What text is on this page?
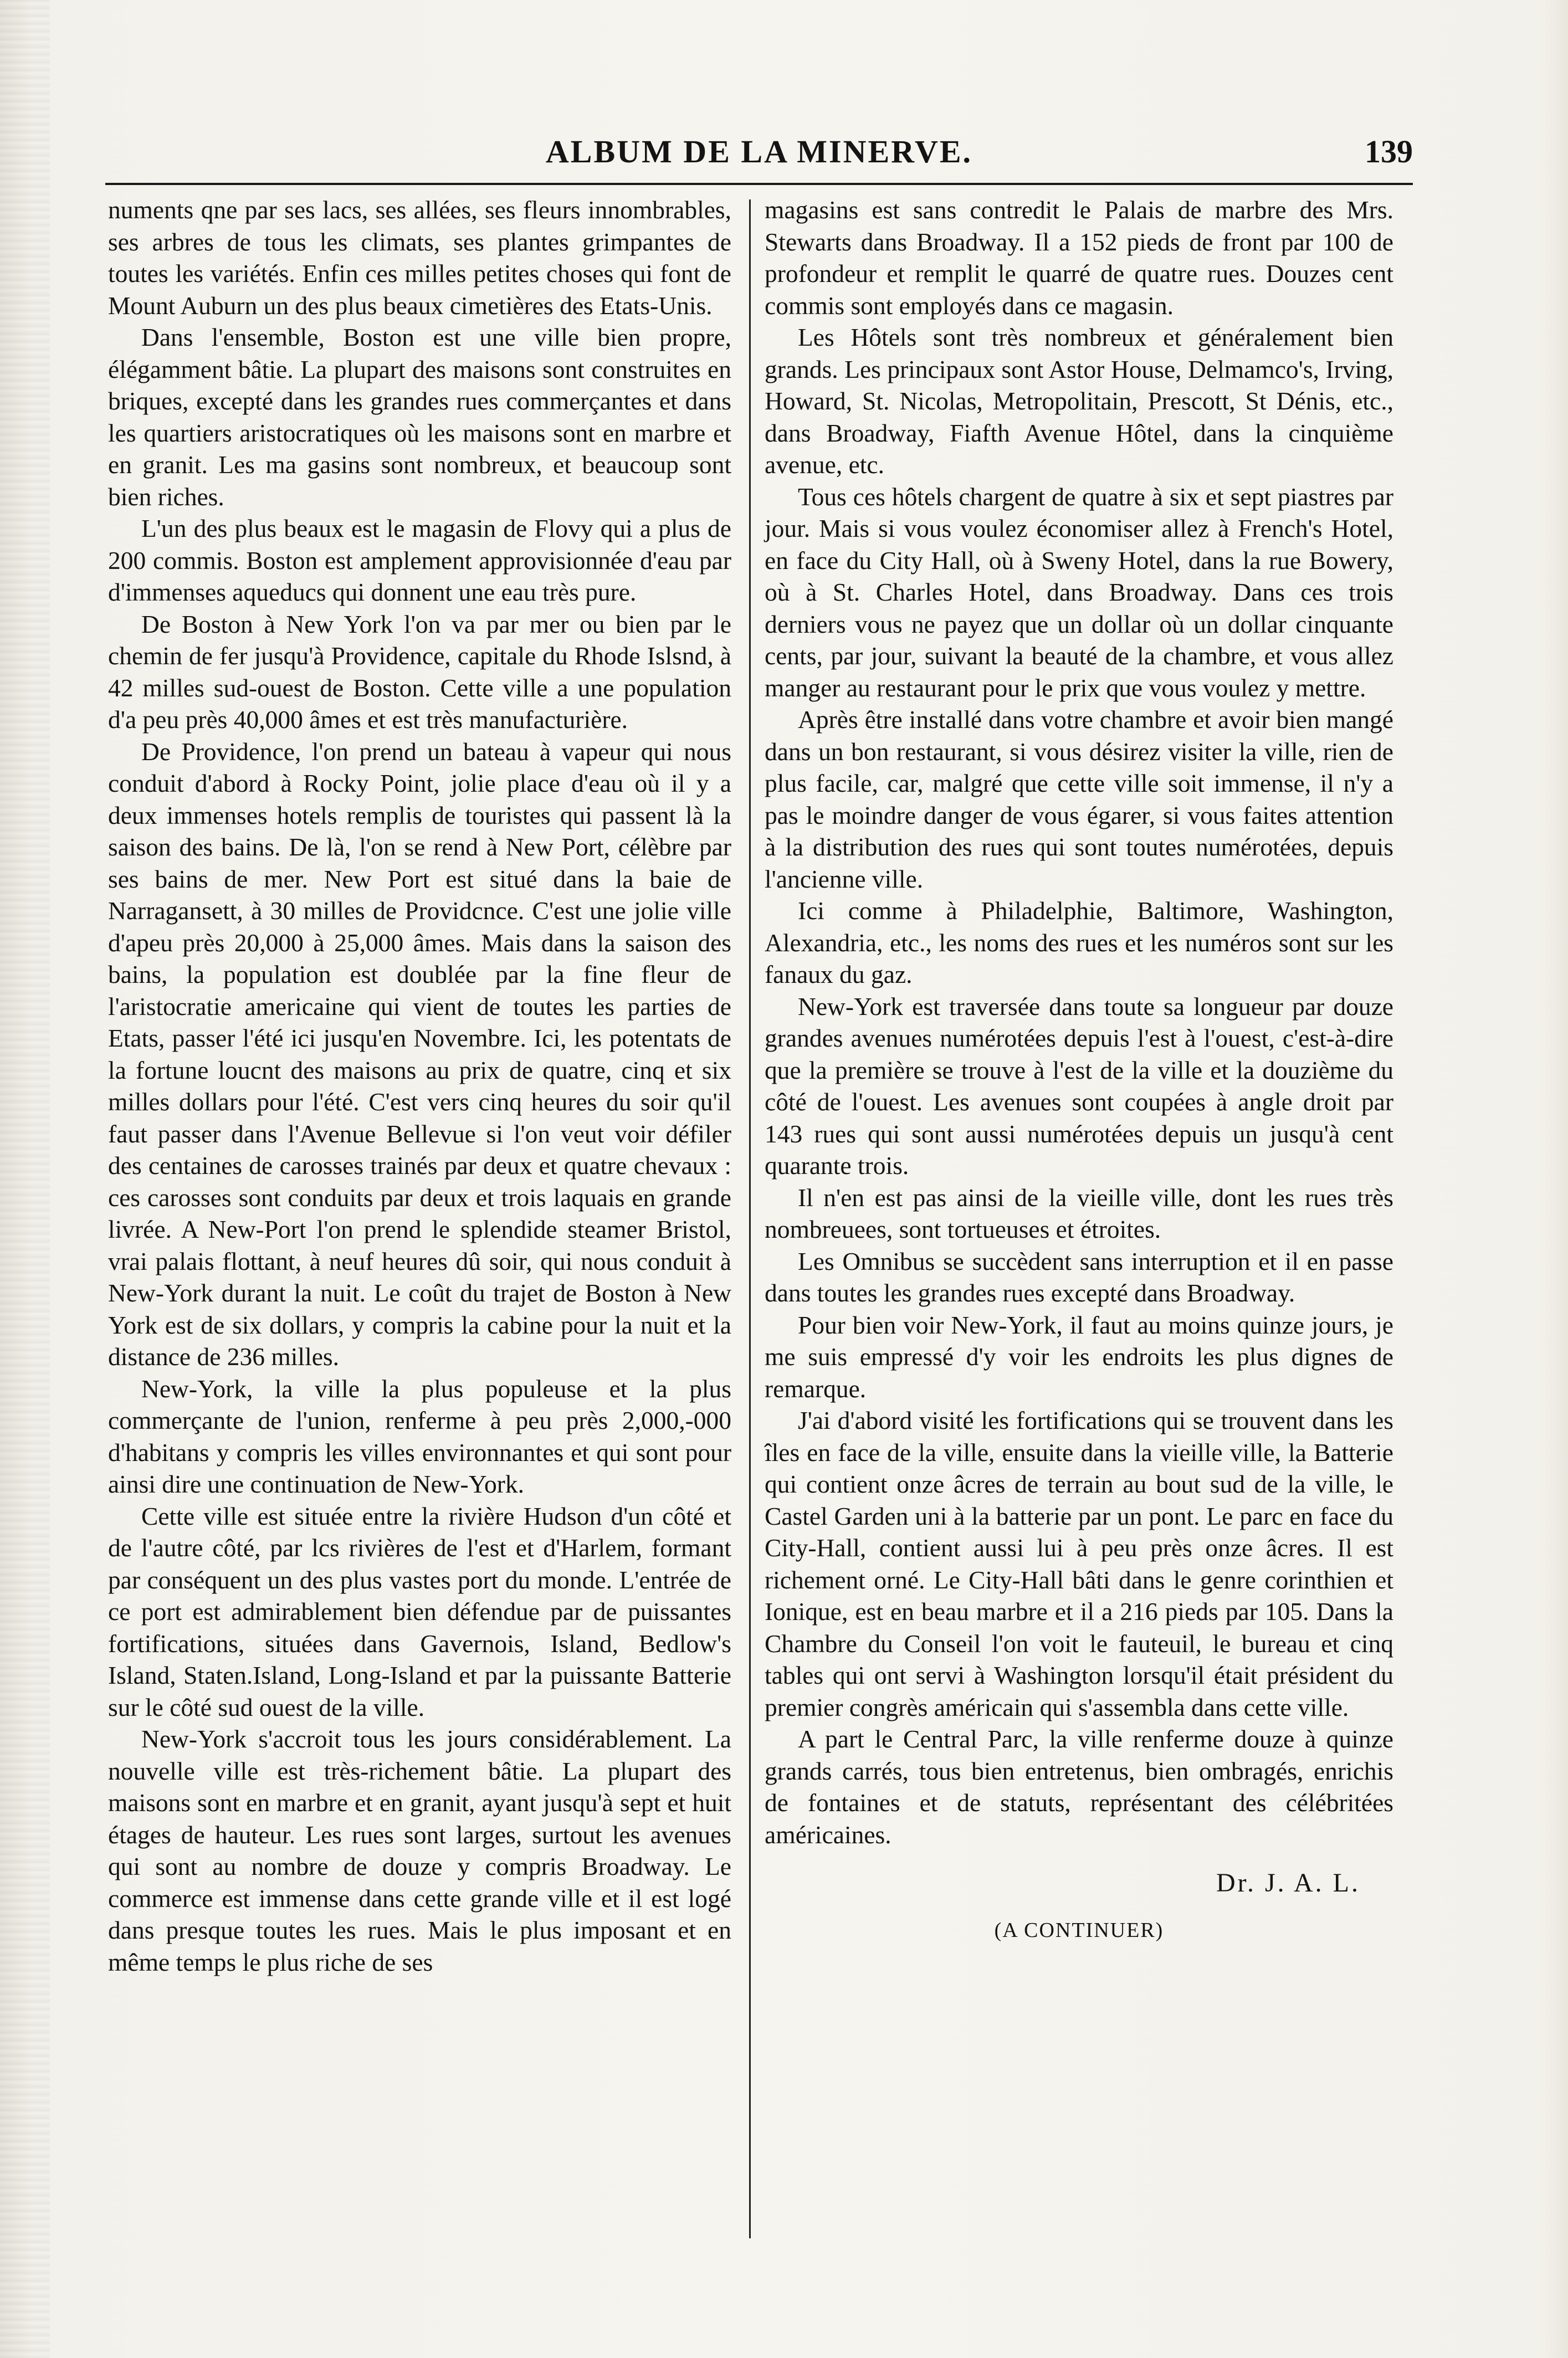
ALBUM DE LA MINERVE.	139

numents qne par ses lacs, ses allées, ses fleurs innombrables, ses arbres de tous les climats, ses plantes grimpantes de toutes les variétés. Enfin ces milles petites choses qui font de Mount Auburn un des plus beaux cimetières des Etats-Unis.

Dans l'ensemble, Boston est une ville bien propre, élégamment bâtie. La plupart des maisons sont construites en briques, excepté dans les grandes rues commerçantes et dans les quartiers aristocratiques où les maisons sont en marbre et en granit. Les ma gasins sont nombreux, et beaucoup sont bien riches.

L'un des plus beaux est le magasin de Flovy qui a plus de 200 commis. Boston est amplement approvisionnée d'eau par d'immenses aqueducs qui donnent une eau très pure.

De Boston à New York l'on va par mer ou bien par le chemin de fer jusqu'à Providence, capitale du Rhode Islsnd, à 42 milles sud-ouest de Boston. Cette ville a une population d'a peu près 40,000 âmes et est très manufacturière.

De Providence, l'on prend un bateau à vapeur qui nous conduit d'abord à Rocky Point, jolie place d'eau où il y a deux immenses hotels remplis de touristes qui passent là la saison des bains. De là, l'on se rend à New Port, célèbre par ses bains de mer. New Port est situé dans la baie de Narragansett, à 30 milles de Providcnce. C'est une jolie ville d'apeu près 20,000 à 25,000 âmes. Mais dans la saison des bains, la population est doublée par la fine fleur de l'aristocratie americaine qui vient de toutes les parties de Etats, passer l'été ici jusqu'en Novembre. Ici, les potentats de la fortune loucnt des maisons au prix de quatre, cinq et six milles dollars pour l'été. C'est vers cinq heures du soir qu'il faut passer dans l'Avenue Bellevue si l'on veut voir défiler des centaines de carosses trainés par deux et quatre chevaux : ces carosses sont conduits par deux et trois laquais en grande livrée. A New-Port l'on prend le splendide steamer Bristol, vrai palais flottant, à neuf heures dû soir, qui nous conduit à New-York durant la nuit. Le coût du trajet de Boston à New York est de six dollars, y compris la cabine pour la nuit et la distance de 236 milles.

New-York, la ville la plus populeuse et la plus commerçante de l'union, renferme à peu près 2,000,-000 d'habitans y compris les villes environnantes et qui sont pour ainsi dire une continuation de New-York.

Cette ville est située entre la rivière Hudson d'un côté et de l'autre côté, par lcs rivières de l'est et d'Harlem, formant par conséquent un des plus vastes port du monde. L'entrée de ce port est admirablement bien défendue par de puissantes fortifications, situées dans Gavernois, Island, Bedlow's Island, Staten.Island, Long-Island et par la puissante Batterie sur le côté sud ouest de la ville.

New-York s'accroit tous les jours considérablement. La nouvelle ville est très-richement bâtie. La plupart des maisons sont en marbre et en granit, ayant jusqu'à sept et huit étages de hauteur. Les rues sont larges, surtout les avenues qui sont au nombre de douze y compris Broadway. Le commerce est immense dans cette grande ville et il est logé dans presque toutes les rues. Mais le plus imposant et en même temps le plus riche de ses

magasins est sans contredit le Palais de marbre des Mrs. Stewarts dans Broadway. Il a 152 pieds de front par 100 de profondeur et remplit le quarré de quatre rues. Douzes cent commis sont employés dans ce magasin.

Les Hôtels sont très nombreux et généralement bien grands. Les principaux sont Astor House, Delmamco's, Irving, Howard, St. Nicolas, Metropolitain, Prescott, St Dénis, etc., dans Broadway, Fiafth Avenue Hôtel, dans la cinquième avenue, etc.

Tous ces hôtels chargent de quatre à six et sept piastres par jour. Mais si vous voulez économiser allez à French's Hotel, en face du City Hall, où à Sweny Hotel, dans la rue Bowery, où à St. Charles Hotel, dans Broadway. Dans ces trois derniers vous ne payez que un dollar où un dollar cinquante cents, par jour, suivant la beauté de la chambre, et vous allez manger au restaurant pour le prix que vous voulez y mettre.

Après être installé dans votre chambre et avoir bien mangé dans un bon restaurant, si vous désirez visiter la ville, rien de plus facile, car, malgré que cette ville soit immense, il n'y a pas le moindre danger de vous égarer, si vous faites attention à la distribution des rues qui sont toutes numérotées, depuis l'ancienne ville.

Ici comme à Philadelphie, Baltimore, Washington, Alexandria, etc., les noms des rues et les numéros sont sur les fanaux du gaz.

New-York est traversée dans toute sa longueur par douze grandes avenues numérotées depuis l'est à l'ouest, c'est-à-dire que la première se trouve à l'est de la ville et la douzième du côté de l'ouest. Les avenues sont coupées à angle droit par 143 rues qui sont aussi numérotées depuis un jusqu'à cent quarante trois.

Il n'en est pas ainsi de la vieille ville, dont les rues très nombreuees, sont tortueuses et étroites.

Les Omnibus se succèdent sans interruption et il en passe dans toutes les grandes rues excepté dans Broadway.

Pour bien voir New-York, il faut au moins quinze jours, je me suis empressé d'y voir les endroits les plus dignes de remarque.

J'ai d'abord visité les fortifications qui se trouvent dans les îles en face de la ville, ensuite dans la vieille ville, la Batterie qui contient onze âcres de terrain au bout sud de la ville, le Castel Garden uni à la batterie par un pont. Le parc en face du City-Hall, contient aussi lui à peu près onze âcres. Il est richement orné. Le City-Hall bâti dans le genre corinthien et Ionique, est en beau marbre et il a 216 pieds par 105. Dans la Chambre du Conseil l'on voit le fauteuil, le bureau et cinq tables qui ont servi à Washington lorsqu'il était président du premier congrès américain qui s'assembla dans cette ville.

A part le Central Parc, la ville renferme douze à quinze grands carrés, tous bien entretenus, bien ombragés, enrichis de fontaines et de statuts, représentant des célébritées américaines.

Dr. J. A. L.
(A CONTINUER)
